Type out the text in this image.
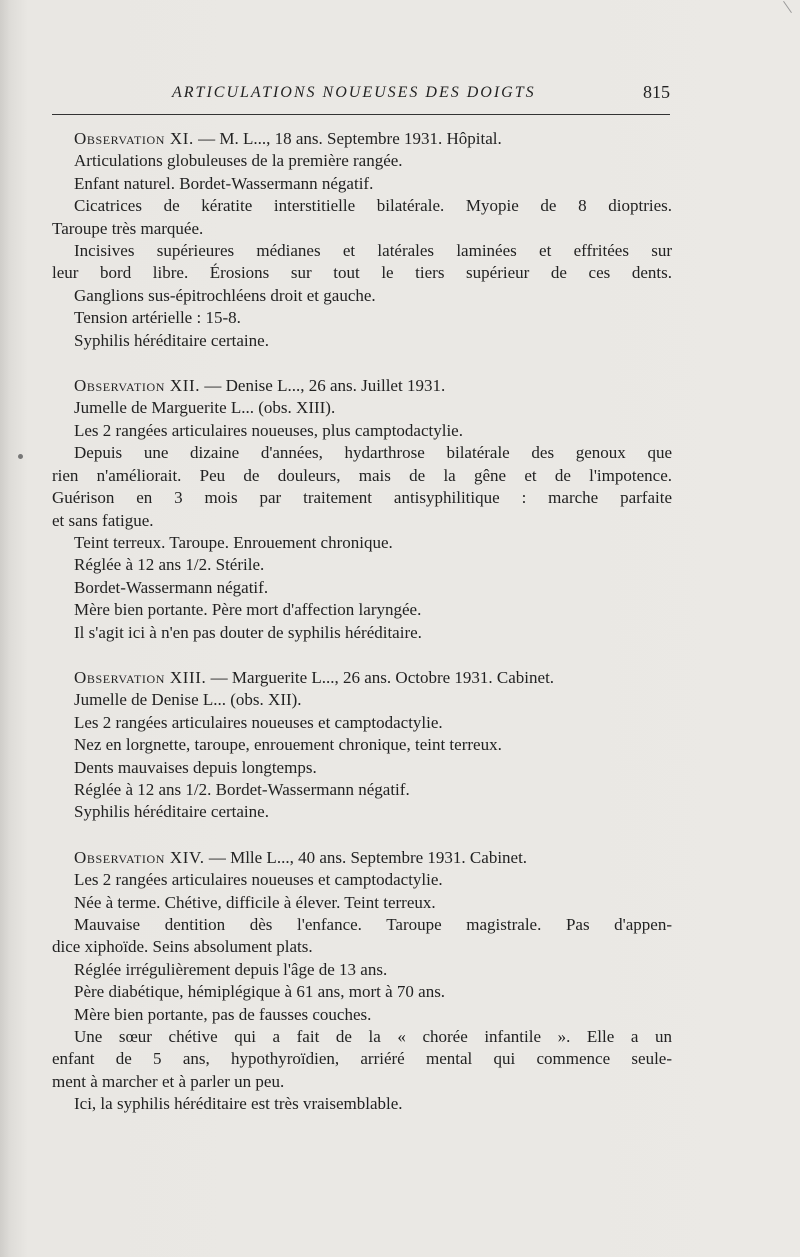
ARTICULATIONS NOUEUSES DES DOIGTS	815

Observation XI. — M. L..., 18 ans. Septembre 1931. Hôpital.
Articulations globuleuses de la première rangée.
Enfant naturel. Bordet-Wassermann négatif.
Cicatrices de kératite interstitielle bilatérale. Myopie de 8 dioptries.
Taroupe très marquée.
Incisives supérieures médianes et latérales laminées et effritées sur
leur bord libre. Érosions sur tout le tiers supérieur de ces dents.
Ganglions sus-épitrochléens droit et gauche.
Tension artérielle : 15-8.
Syphilis héréditaire certaine.

Observation XII. — Denise L..., 26 ans. Juillet 1931.
Jumelle de Marguerite L... (obs. XIII).
Les 2 rangées articulaires noueuses, plus camptodactylie.
Depuis une dizaine d'années, hydarthrose bilatérale des genoux que
rien n'améliorait. Peu de douleurs, mais de la gêne et de l'impotence.
Guérison en 3 mois par traitement antisyphilitique : marche parfaite
et sans fatigue.
Teint terreux. Taroupe. Enrouement chronique.
Réglée à 12 ans 1/2. Stérile.
Bordet-Wassermann négatif.
Mère bien portante. Père mort d'affection laryngée.
Il s'agit ici à n'en pas douter de syphilis héréditaire.

Observation XIII. — Marguerite L..., 26 ans. Octobre 1931. Cabinet.
Jumelle de Denise L... (obs. XII).
Les 2 rangées articulaires noueuses et camptodactylie.
Nez en lorgnette, taroupe, enrouement chronique, teint terreux.
Dents mauvaises depuis longtemps.
Réglée à 12 ans 1/2. Bordet-Wassermann négatif.
Syphilis héréditaire certaine.

Observation XIV. — Mlle L..., 40 ans. Septembre 1931. Cabinet.
Les 2 rangées articulaires noueuses et camptodactylie.
Née à terme. Chétive, difficile à élever. Teint terreux.
Mauvaise dentition dès l'enfance. Taroupe magistrale. Pas d'appen-
dice xiphoïde. Seins absolument plats.
Réglée irrégulièrement depuis l'âge de 13 ans.
Père diabétique, hémiplégique à 61 ans, mort à 70 ans.
Mère bien portante, pas de fausses couches.
Une sœur chétive qui a fait de la « chorée infantile ». Elle a un
enfant de 5 ans, hypothyroïdien, arriéré mental qui commence seule-
ment à marcher et à parler un peu.
Ici, la syphilis héréditaire est très vraisemblable.
